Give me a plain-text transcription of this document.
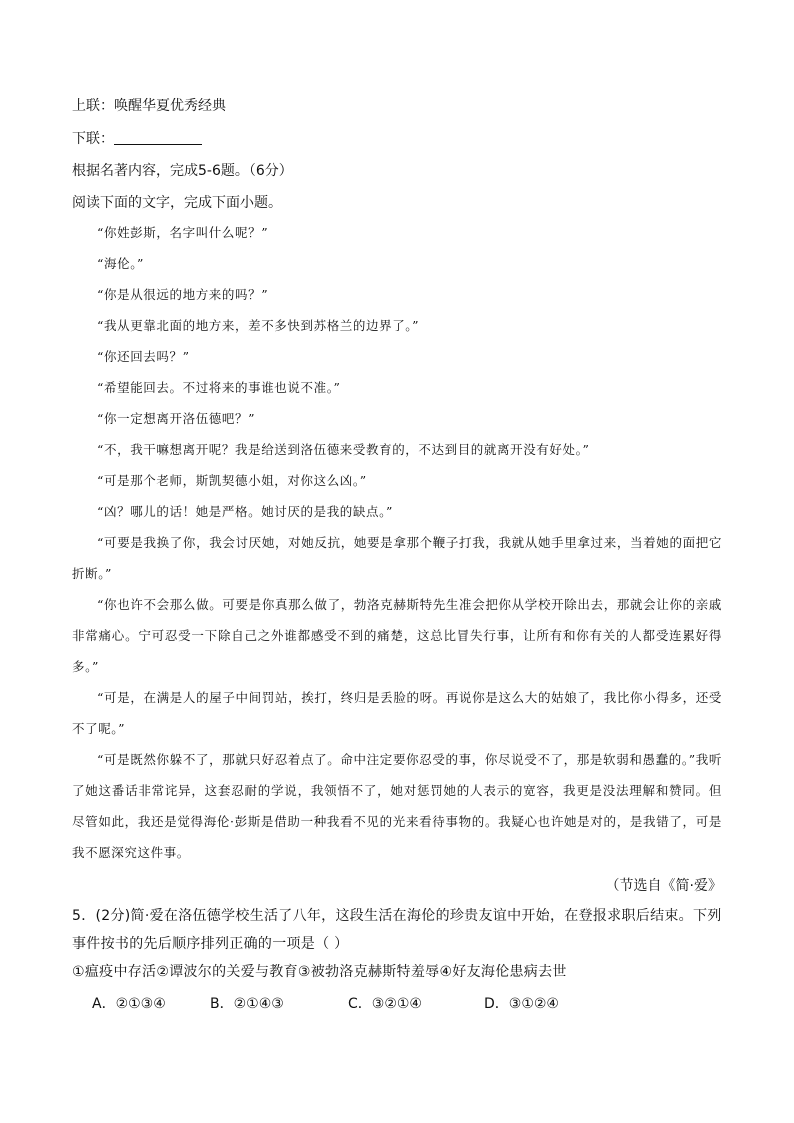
上联：唤醒华夏优秀经典
下联：
根据名著内容，完成5-6题。（6分）
阅读下面的文字，完成下面小题。

“你姓彭斯，名字叫什么呢？”

“海伦。”

“你是从很远的地方来的吗？”

“我从更靠北面的地方来，差不多快到苏格兰的边界了。”

“你还回去吗？”

“希望能回去。不过将来的事谁也说不准。”

“你一定想离开洛伍德吧？”

“不，我干嘛想离开呢？我是给送到洛伍德来受教育的，不达到目的就离开没有好处。”

“可是那个老师，斯凯契德小姐，对你这么凶。”

“凶？哪儿的话！她是严格。她讨厌的是我的缺点。”

“可要是我换了你，我会讨厌她，对她反抗，她要是拿那个鞭子打我，我就从她手里拿过来，当着她的面把它折断。”

“你也许不会那么做。可要是你真那么做了，勃洛克赫斯特先生准会把你从学校开除出去，那就会让你的亲戚非常痛心。宁可忍受一下除自己之外谁都感受不到的痛楚，这总比冒失行事，让所有和你有关的人都受连累好得多。”

“可是，在满是人的屋子中间罚站，挨打，终归是丢脸的呀。再说你是这么大的姑娘了，我比你小得多，还受不了呢。”

“可是既然你躲不了，那就只好忍着点了。命中注定要你忍受的事，你尽说受不了，那是软弱和愚蠢的。”我听了她这番话非常诧异，这套忍耐的学说，我领悟不了，她对惩罚她的人表示的宽容，我更是没法理解和赞同。但尽管如此，我还是觉得海伦·彭斯是借助一种我看不见的光来看待事物的。我疑心也许她是对的，是我错了，可是我不愿深究这件事。

（节选自《简·爱》

5．(2分)简·爱在洛伍德学校生活了八年，这段生活在海伦的珍贵友谊中开始，在登报求职后结束。下列事件按书的先后顺序排列正确的一项是（ ）

①瘟疫中存活②谭波尔的关爱与教育③被勃洛克赫斯特羞辱④好友海伦患病去世

A．②①③④	B．②①④③	C．③②①④	D．③①②④
